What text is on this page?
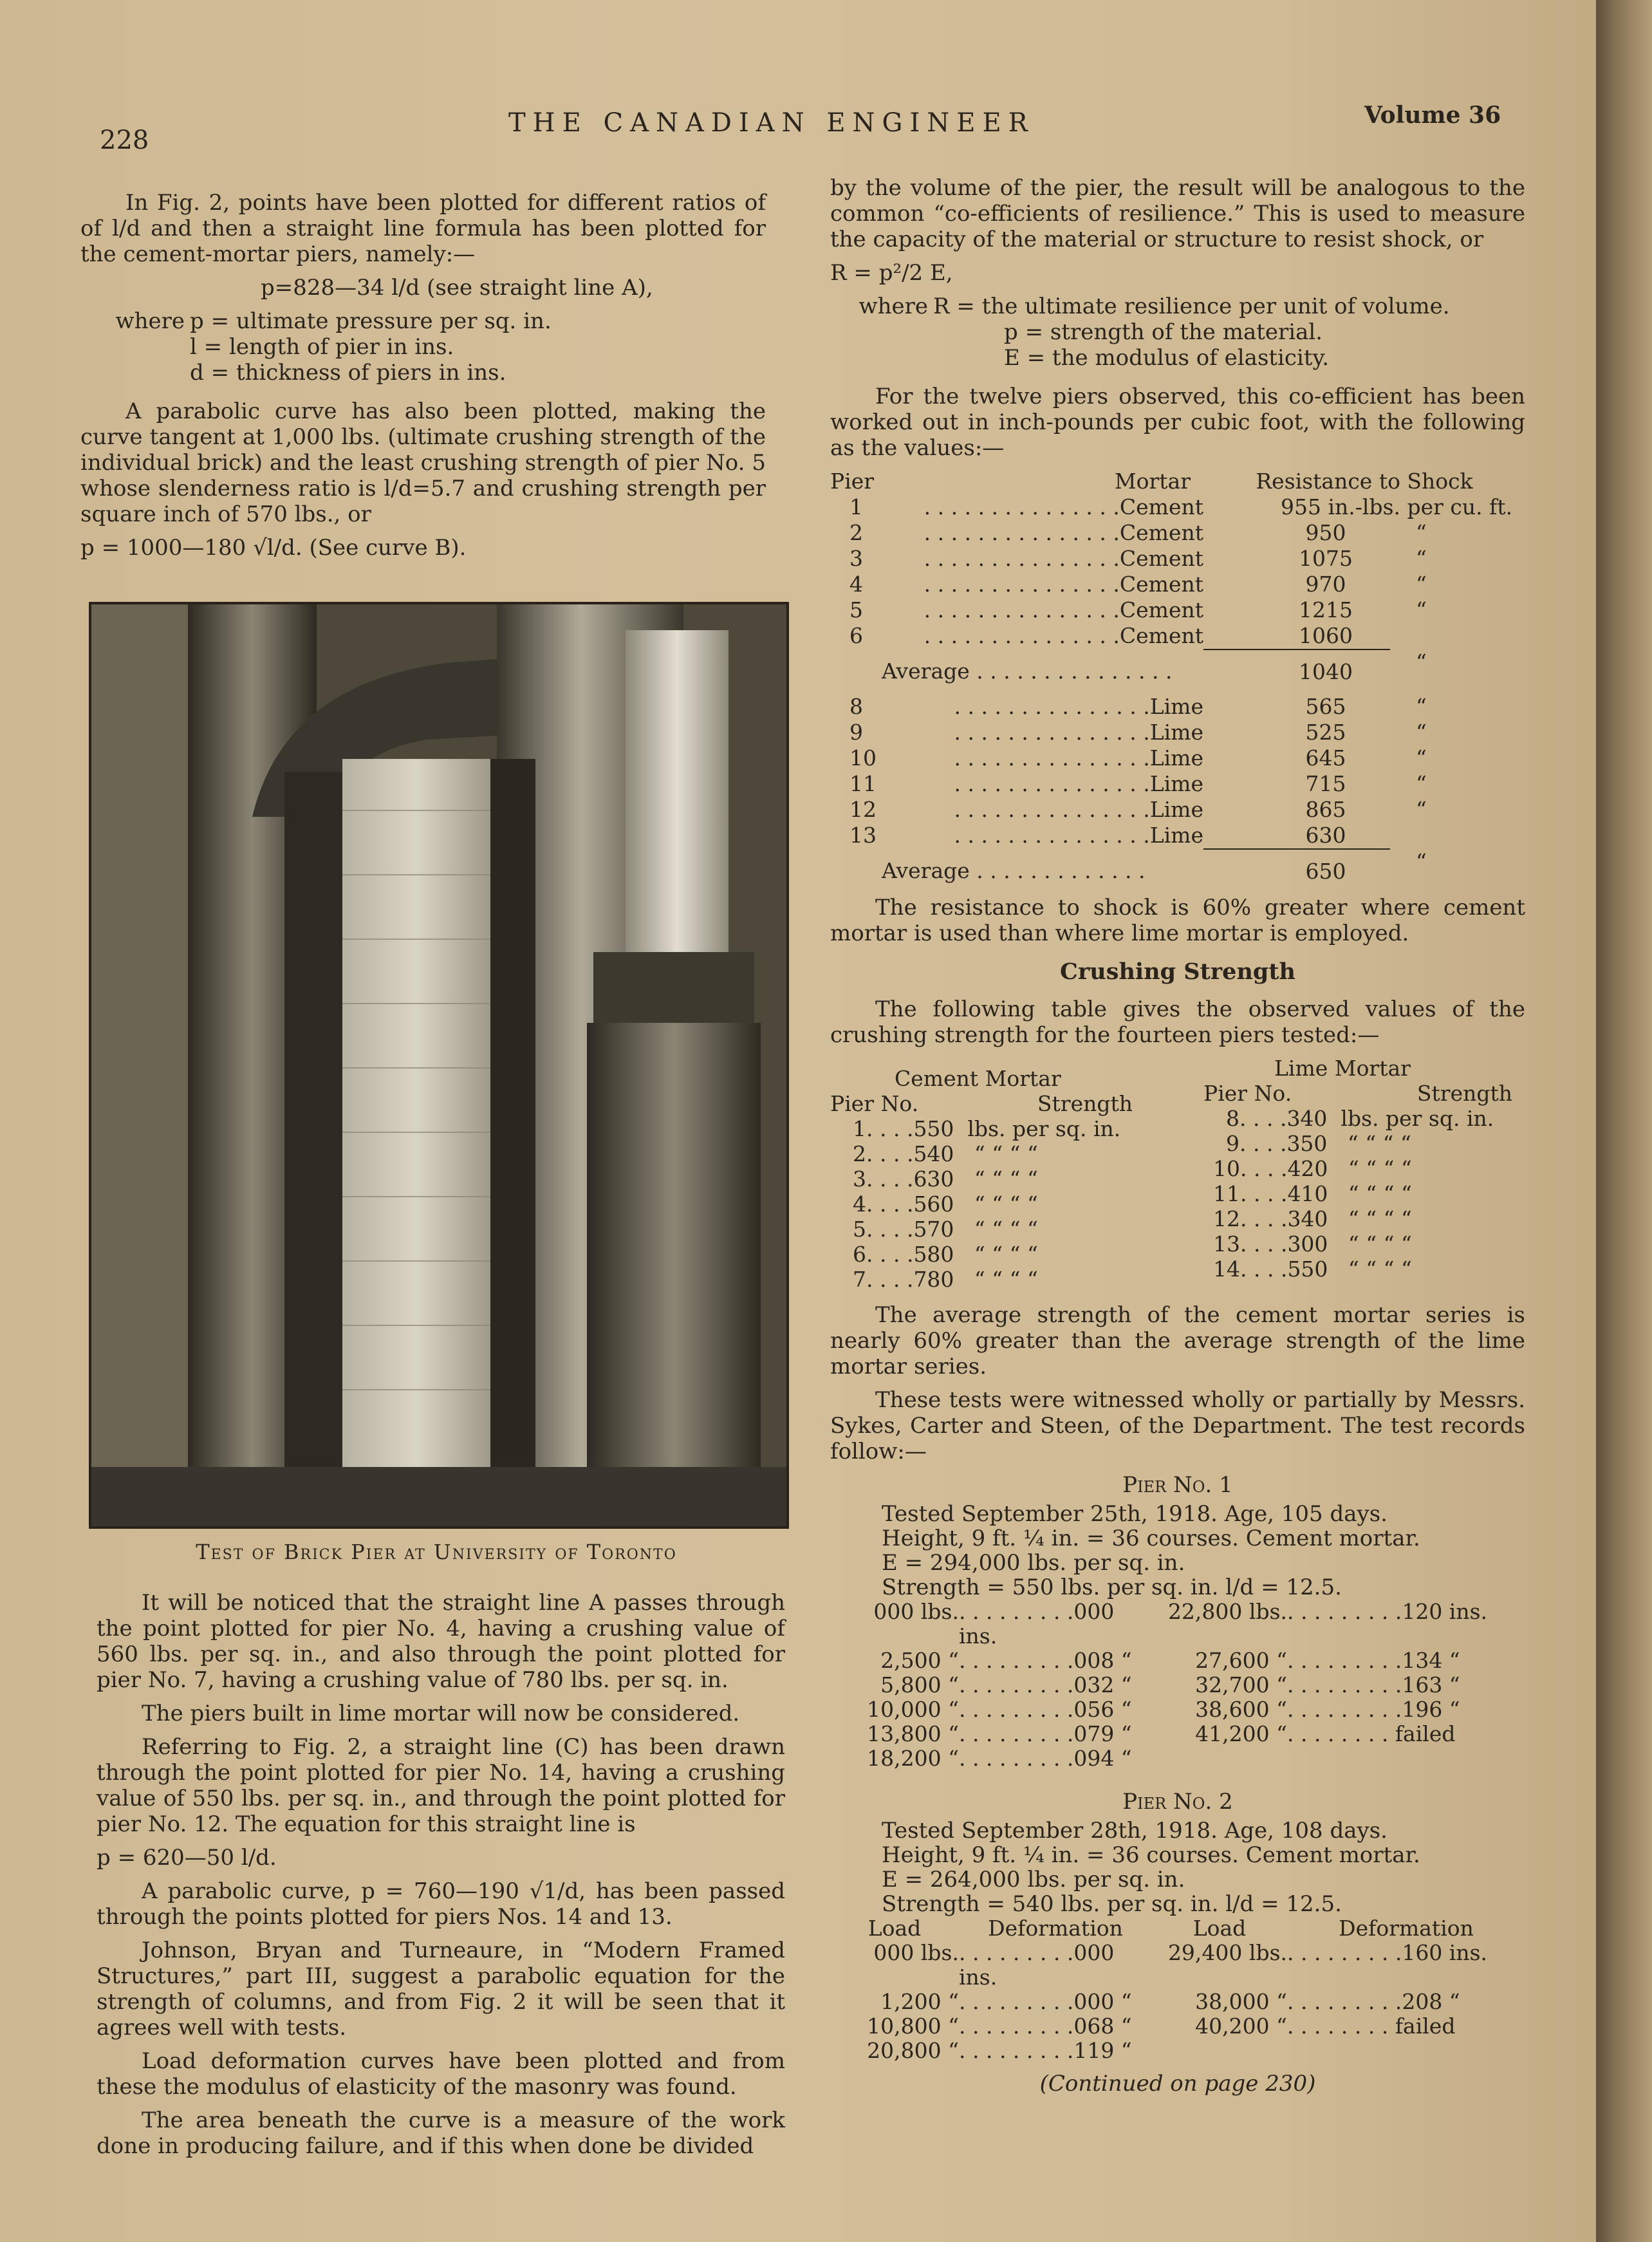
228
THE CANADIAN ENGINEER	Volume 36

In Fig. 2, points have been plotted for different ratios of of l/d and then a straight line formula has been plotted for the cement-mortar piers, namely:—

p=828—34 l/d (see straight line A),

where p = ultimate pressure per sq. in.
l = length of pier in ins.
d = thickness of piers in ins.

A parabolic curve has also been plotted, making the curve tangent at 1,000 lbs. (ultimate crushing strength of the individual brick) and the least crushing strength of pier No. 5 whose slenderness ratio is l/d=5.7 and crushing strength per square inch of 570 lbs., or

p = 1000—180 √l/d. (See curve B).

Test of Brick Pier at University of Toronto

It will be noticed that the straight line A passes through the point plotted for pier No. 4, having a crushing value of 560 lbs. per sq. in., and also through the point plotted for pier No. 7, having a crushing value of 780 lbs. per sq. in.

The piers built in lime mortar will now be considered.

Referring to Fig. 2, a straight line (C) has been drawn through the point plotted for pier No. 14, having a crushing value of 550 lbs. per sq. in., and through the point plotted for pier No. 12. The equation for this straight line is

p = 620—50 l/d.

A parabolic curve, p = 760—190 √1/d, has been passed through the points plotted for piers Nos. 14 and 13.

Johnson, Bryan and Turneaure, in “Modern Framed Structures,” part III, suggest a parabolic equation for the strength of columns, and from Fig. 2 it will be seen that it agrees well with tests.

Load deformation curves have been plotted and from these the modulus of elasticity of the masonry was found.

The area beneath the curve is a measure of the work done in producing failure, and if this when done be divided

by the volume of the pier, the result will be analogous to the common “co-efficients of resilience.” This is used to measure the capacity of the material or structure to resist shock, or

R = p²/2 E,

where R = the ultimate resilience per unit of volume.
p = strength of the material.
E = the modulus of elasticity.

For the twelve piers observed, this co-efficient has been worked out in inch-pounds per cubic foot, with the following as the values:—

Pier	Mortar	Resistance to Shock	
1	. . . . . . . . . . . . . . .Cement	955 in.-lbs. per cu. ft.	
2	. . . . . . . . . . . . . . .Cement	950	“
3	. . . . . . . . . . . . . . .Cement	1075	“
4	. . . . . . . . . . . . . . .Cement	970	“
5	. . . . . . . . . . . . . . .Cement	1215	“
6	. . . . . . . . . . . . . . .Cement	1060	
Average . . . . . . . . . . . . . . .		1040	“
8	. . . . . . . . . . . . . . .Lime	565	“
9	. . . . . . . . . . . . . . .Lime	525	“
10	. . . . . . . . . . . . . . .Lime	645	“
11	. . . . . . . . . . . . . . .Lime	715	“
12	. . . . . . . . . . . . . . .Lime	865	“
13	. . . . . . . . . . . . . . .Lime	630	
Average . . . . . . . . . . . . .		650	“

The resistance to shock is 60% greater where cement mortar is used than where lime mortar is employed.

Crushing Strength

The following table gives the observed values of the crushing strength for the fourteen piers tested:—

Cement Mortar
Pier No.	Strength
1. . . .550 lbs. per sq. in.
2. . . .540 “ “ “ “
3. . . .630 “ “ “ “
4. . . .560 “ “ “ “
5. . . .570 “ “ “ “
6. . . .580 “ “ “ “
7. . . .780 “ “ “ “
Lime Mortar
Pier No.	Strength
8. . . .340 lbs. per sq. in.
9. . . .350 “ “ “ “
10. . . .420 “ “ “ “
11. . . .410 “ “ “ “
12. . . .340 “ “ “ “
13. . . .300 “ “ “ “
14. . . .550 “ “ “ “

The average strength of the cement mortar series is nearly 60% greater than the average strength of the lime mortar series.

These tests were witnessed wholly or partially by Messrs. Sykes, Carter and Steen, of the Department. The test records follow:—

Pier No. 1
Tested September 25th, 1918. Age, 105 days.
Height, 9 ft. ¼ in. = 36 courses. Cement mortar.
E = 294,000 lbs. per sq. in.
Strength = 550 lbs. per sq. in. l/d = 12.5.
000 lbs.	. . . . . . . . .000 ins.	22,800 lbs.	. . . . . . . . .120 ins.
2,500 “	. . . . . . . . .008 “	27,600 “	. . . . . . . . .134 “
5,800 “	. . . . . . . . .032 “	32,700 “	. . . . . . . . .163 “
10,000 “	. . . . . . . . .056 “	38,600 “	. . . . . . . . .196 “
13,800 “	. . . . . . . . .079 “	41,200 “	. . . . . . . . failed
18,200 “	. . . . . . . . .094 “		
Pier No. 2
Tested September 28th, 1918. Age, 108 days.
Height, 9 ft. ¼ in. = 36 courses. Cement mortar.
E = 264,000 lbs. per sq. in.
Strength = 540 lbs. per sq. in. l/d = 12.5.
Load	Deformation	Load	Deformation
000 lbs.	. . . . . . . . .000 ins.	29,400 lbs.	. . . . . . . . .160 ins.
1,200 “	. . . . . . . . .000 “	38,000 “	. . . . . . . . .208 “
10,800 “	. . . . . . . . .068 “	40,200 “	. . . . . . . . failed
20,800 “	. . . . . . . . .119 “		
(Continued on page 230)
